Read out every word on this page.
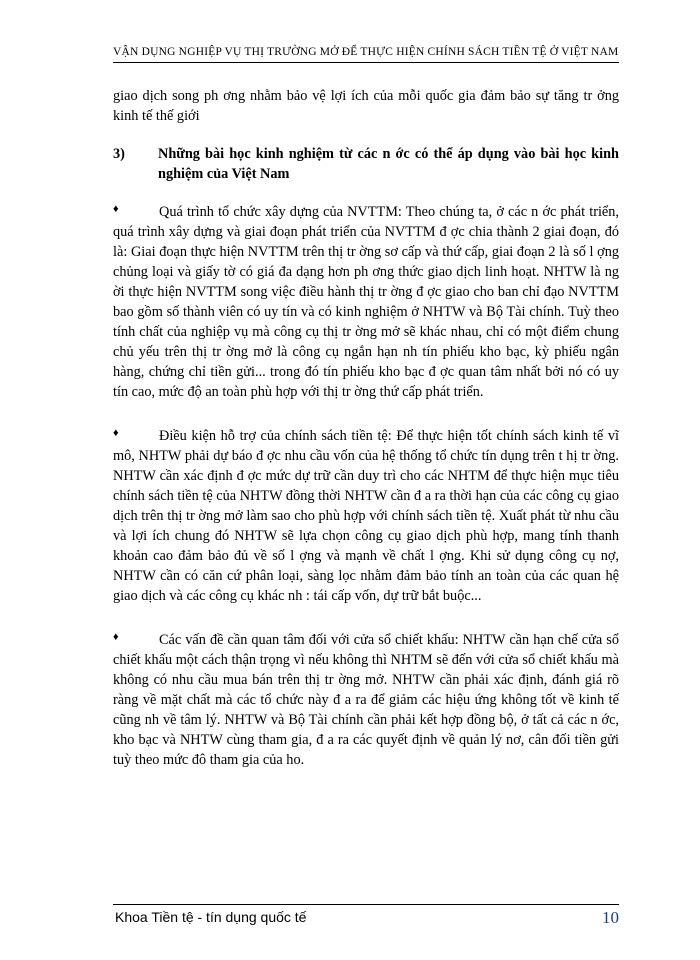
VẬN DỤNG NGHIỆP VỤ THỊ TRƯỜNG MỞ ĐỂ THỰC HIỆN CHÍNH SÁCH TIỀN TỆ Ở VIỆT NAM

giao dịch song ph ơng nhằm bảo vệ lợi ích của mỗi quốc gia đảm bảo sự tăng tr ởng kinh tế thế giới

3)	Những bài học kinh nghiệm từ các n ớc có thể áp dụng vào bài học kinh nghiệm của Việt Nam
♦	Quá trình tổ chức xây dựng của NVTTM: Theo chúng ta, ở các n ớc phát triển, quá trình xây dựng và giai đoạn phát triển của NVTTM đ ợc chia thành 2 giai đoạn, đó là: Giai đoạn thực hiện NVTTM trên thị tr ờng sơ cấp và thứ cấp, giai đoạn 2 là số l ợng chủng loại và giấy tờ có giá đa dạng hơn ph ơng thức giao dịch linh hoạt. NHTW là ng ời thực hiện NVTTM song việc điều hành thị tr ờng đ ợc giao cho ban chỉ đạo NVTTM bao gồm số thành viên có uy tín và có kinh nghiệm ở NHTW và Bộ Tài chính. Tuỳ theo tính chất của nghiệp vụ mà công cụ thị tr ờng mở sẽ khác nhau, chỉ có một điểm chung chủ yếu trên thị tr ờng mở là công cụ ngắn hạn nh tín phiếu kho bạc, kỳ phiếu ngân hàng, chứng chỉ tiền gửi... trong đó tín phiếu kho bạc đ ợc quan tâm nhất bởi nó có uy tín cao, mức độ an toàn phù hợp với thị tr ờng thứ cấp phát triển.
♦	Điều kiện hỗ trợ của chính sách tiền tệ: Để thực hiện tốt chính sách kinh tế vĩ mô, NHTW phải dự báo đ ợc nhu cầu vốn của hệ thống tổ chức tín dụng trên t hị tr ờng. NHTW cần xác định đ ợc mức dự trữ cần duy trì cho các NHTM để thực hiện mục tiêu chính sách tiền tệ của NHTW đồng thời NHTW cần đ a ra thời hạn của các công cụ giao dịch trên thị tr ờng mở làm sao cho phù hợp với chính sách tiền tệ. Xuất phát từ nhu cầu và lợi ích chung đó NHTW sẽ lựa chọn công cụ giao dịch phù hợp, mang tính thanh khoản cao đảm bảo đủ về số l ợng và mạnh về chất l ợng. Khi sử dụng công cụ nợ, NHTW cần có căn cứ phân loại, sàng lọc nhằm đảm bảo tính an toàn của các quan hệ giao dịch và các công cụ khác nh : tái cấp vốn, dự trữ bắt buộc...
♦	Các vấn đề cần quan tâm đối với cửa sổ chiết khấu: NHTW cần hạn chế cửa sổ chiết khấu một cách thận trọng vì nếu không thì NHTM sẽ đến với cửa sổ chiết khấu mà không có nhu cầu mua bán trên thị tr ờng mở. NHTW cần phải xác định, đánh giá rõ ràng về mặt chất mà các tổ chức này đ a ra để giảm các hiệu ứng không tốt về kinh tế cũng nh về tâm lý. NHTW và Bộ Tài chính cần phải kết hợp đồng bộ, ở tất cả các n ớc, kho bạc và NHTW cùng tham gia, đ a ra các quyết định về quản lý nơ, cân đối tiền gửi tuỳ theo mức đô tham gia của ho.
Khoa Tiền tệ - tín dụng quốc tế	10
